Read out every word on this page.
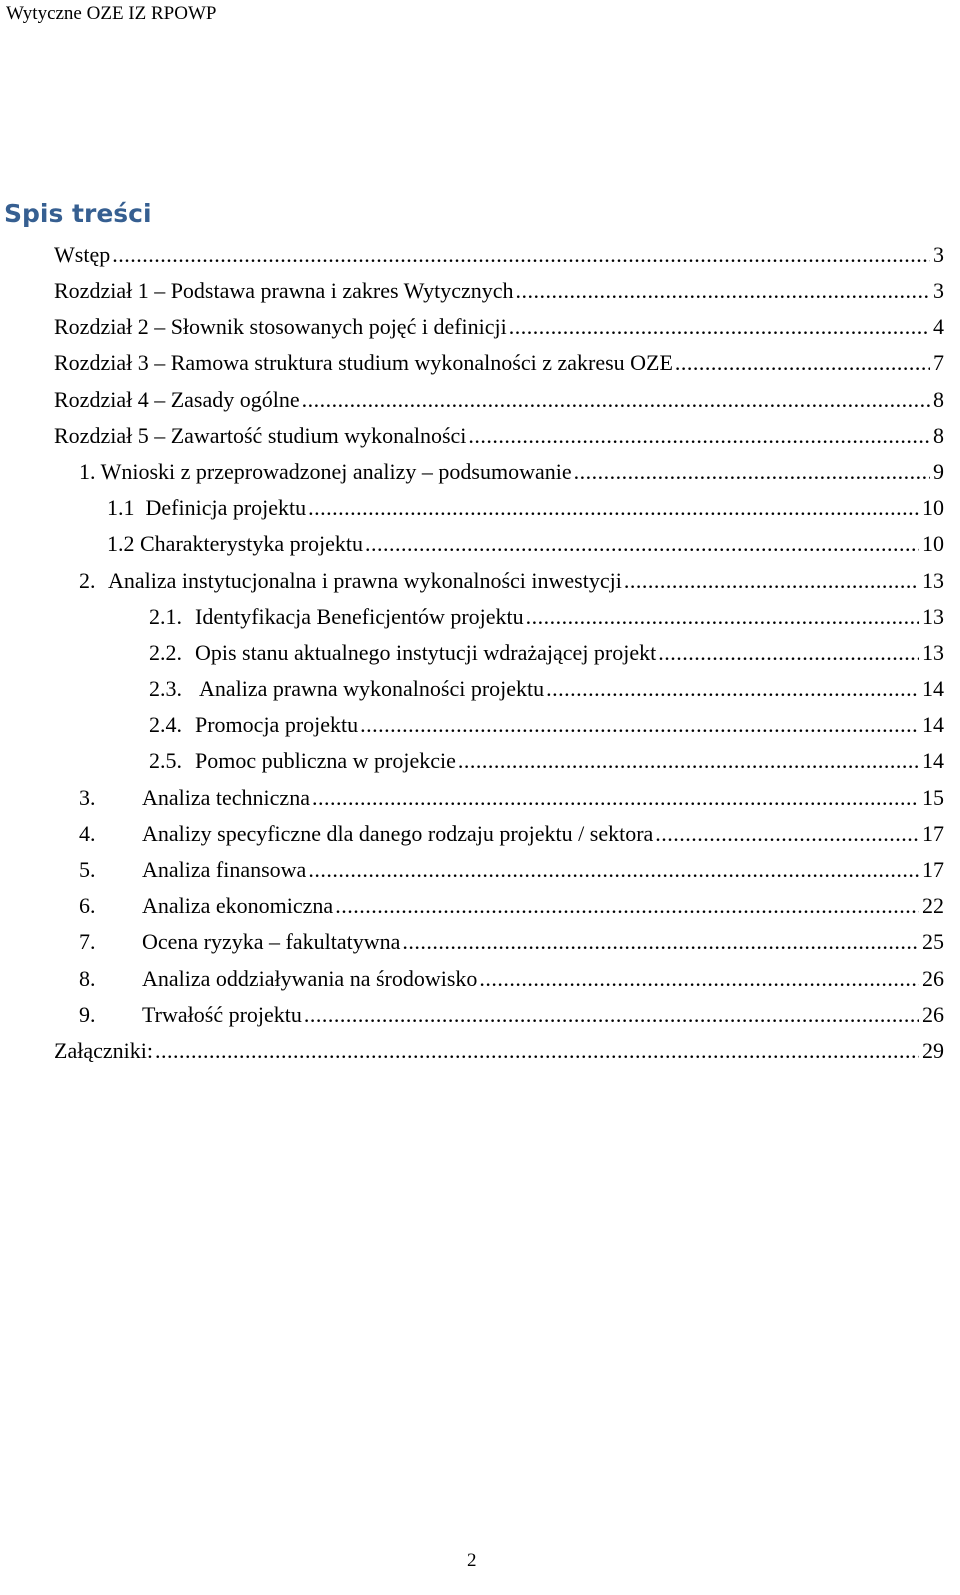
Wytyczne OZE IZ RPOWP
Spis treści
Wstęp .....	3
Rozdział 1 – Podstawa prawna i zakres Wytycznych .....	3
Rozdział 2 – Słownik stosowanych pojęć i definicji .....	4
Rozdział 3 – Ramowa struktura studium wykonalności z zakresu OZE .....	7
Rozdział 4 – Zasady ogólne .....	8
Rozdział 5 – Zawartość studium wykonalności .....	8
1. Wnioski z przeprowadzonej analizy – podsumowanie .....	9
1.1  Definicja projektu .....	10
1.2 Charakterystyka projektu .....	10
2. Analiza instytucjonalna i prawna wykonalności inwestycji .....	13
2.1. Identyfikacja Beneficjentów projektu .....	13
2.2. Opis stanu aktualnego instytucji wdrażającej projekt .....	13
2.3. Analiza prawna wykonalności projektu .....	14
2.4. Promocja projektu .....	14
2.5. Pomoc publiczna w projekcie .....	14
3.	Analiza techniczna .....	15
4.	Analizy specyficzne dla danego rodzaju projektu / sektora .....	17
5.	Analiza finansowa .....	17
6.	Analiza ekonomiczna .....	22
7.	Ocena ryzyka – fakultatywna .....	25
8.	Analiza oddziaływania na środowisko .....	26
9.	Trwałość projektu .....	26
Załączniki: .....	29
2
